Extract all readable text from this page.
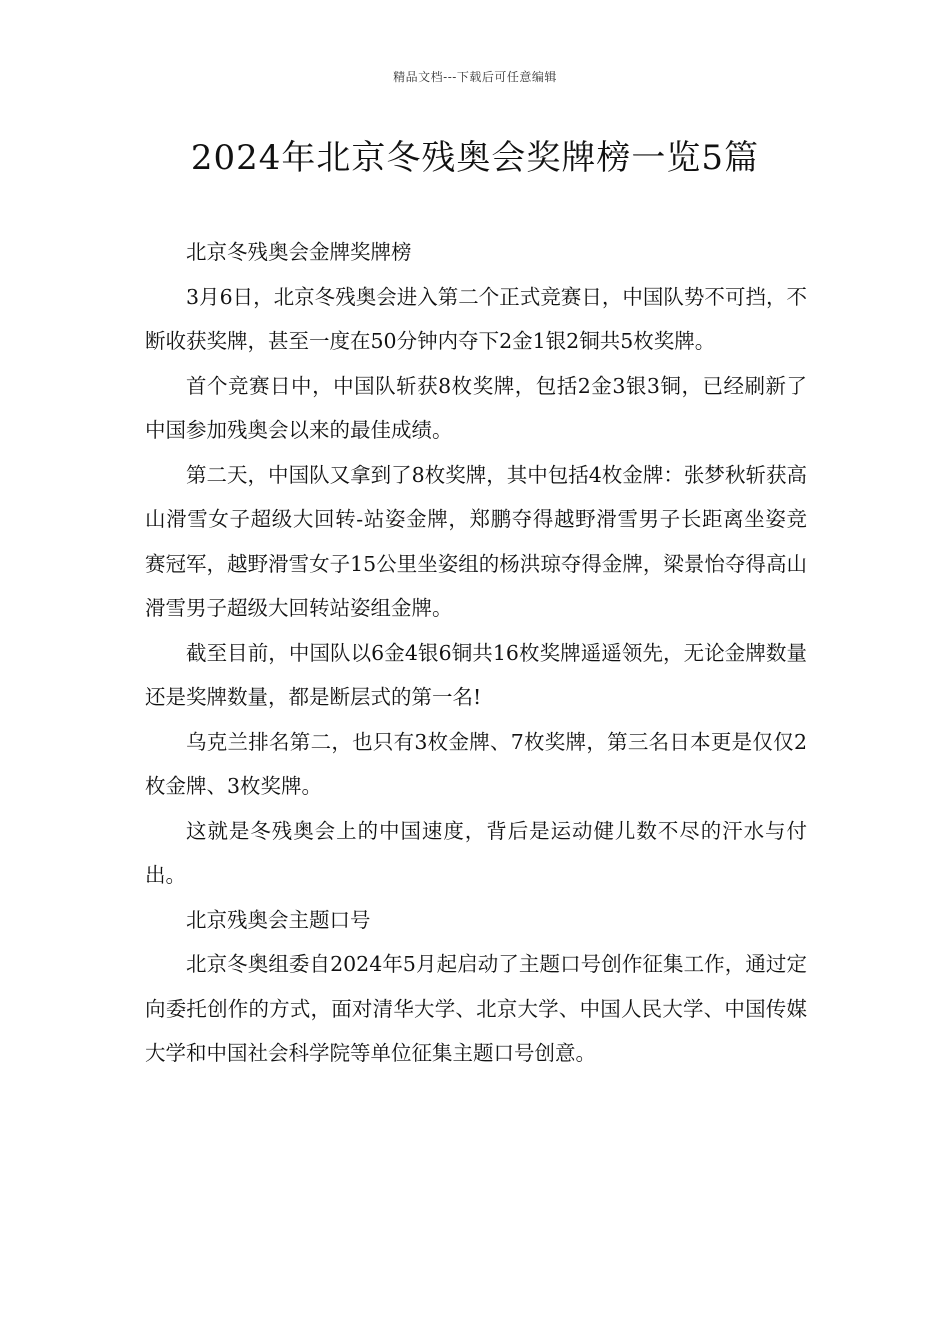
精品文档---下载后可任意编辑
2024年北京冬残奥会奖牌榜一览5篇

北京冬残奥会金牌奖牌榜

3月6日，北京冬残奥会进入第二个正式竞赛日，中国队势不可挡，不断收获奖牌，甚至一度在50分钟内夺下2金1银2铜共5枚奖牌。

首个竞赛日中，中国队斩获8枚奖牌，包括2金3银3铜，已经刷新了中国参加残奥会以来的最佳成绩。

第二天，中国队又拿到了8枚奖牌，其中包括4枚金牌：张梦秋斩获高山滑雪女子超级大回转-站姿金牌，郑鹏夺得越野滑雪男子长距离坐姿竞赛冠军，越野滑雪女子15公里坐姿组的杨洪琼夺得金牌，梁景怡夺得高山滑雪男子超级大回转站姿组金牌。

截至目前，中国队以6金4银6铜共16枚奖牌遥遥领先，无论金牌数量还是奖牌数量，都是断层式的第一名!

乌克兰排名第二，也只有3枚金牌、7枚奖牌，第三名日本更是仅仅2枚金牌、3枚奖牌。

这就是冬残奥会上的中国速度，背后是运动健儿数不尽的汗水与付出。

北京残奥会主题口号

北京冬奥组委自2024年5月起启动了主题口号创作征集工作，通过定向委托创作的方式，面对清华大学、北京大学、中国人民大学、中国传媒大学和中国社会科学院等单位征集主题口号创意。
